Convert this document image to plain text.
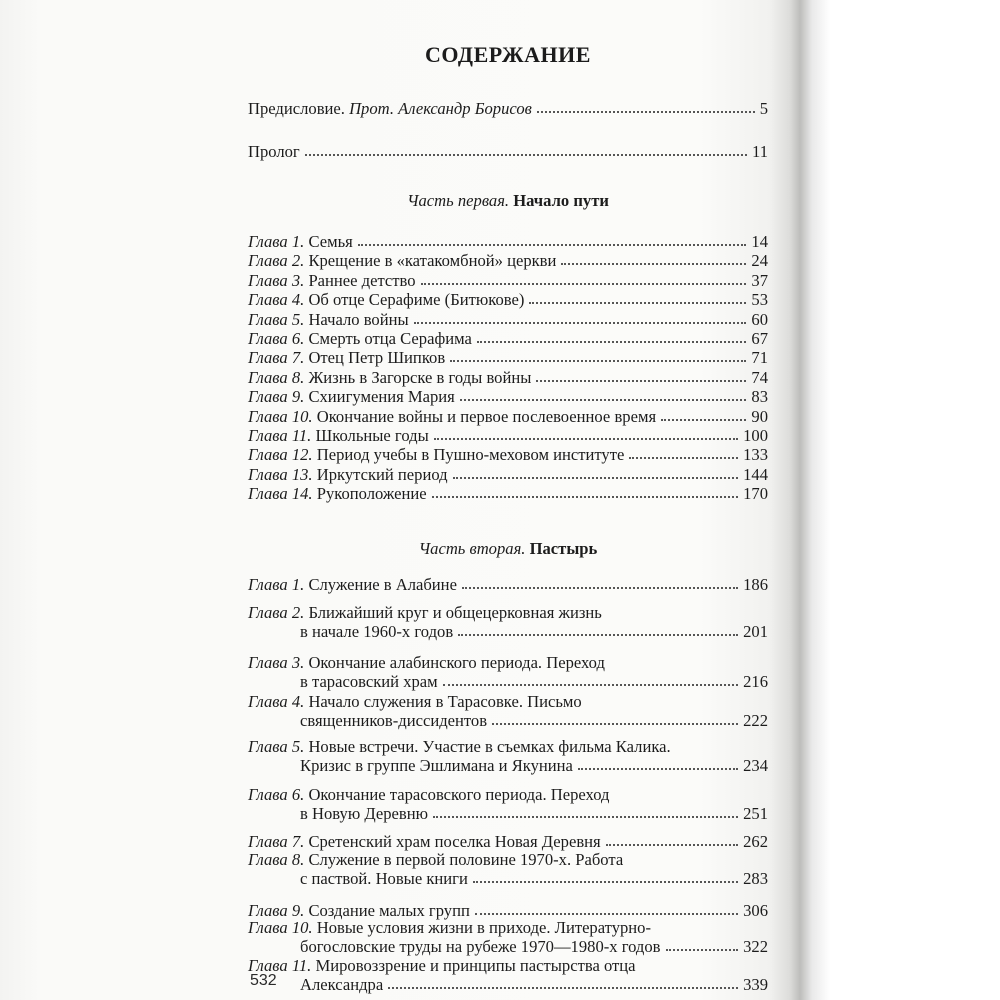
СОДЕРЖАНИЕ
Предисловие. Прот. Александр Борисов	5
Пролог	11
Часть первая. Начало пути
Глава 1. Семья	14
Глава 2. Крещение в «катакомбной» церкви	24
Глава 3. Раннее детство	37
Глава 4. Об отце Серафиме (Битюкове)	53
Глава 5. Начало войны	60
Глава 6. Смерть отца Серафима	67
Глава 7. Отец Петр Шипков	71
Глава 8. Жизнь в Загорске в годы войны	74
Глава 9. Схиигумения Мария	83
Глава 10. Окончание войны и первое послевоенное время	90
Глава 11. Школьные годы	100
Глава 12. Период учебы в Пушно-меховом институте	133
Глава 13. Иркутский период	144
Глава 14. Рукоположение	170
Часть вторая. Пастырь
Глава 1. Служение в Алабине	186
Глава 2. Ближайший круг и общецерковная жизнь
в начале 1960-х годов	201
Глава 3. Окончание алабинского периода. Переход
в тарасовский храм	216
Глава 4. Начало служения в Тарасовке. Письмо
священников-диссидентов	222
Глава 5. Новые встречи. Участие в съемках фильма Калика.
Кризис в группе Эшлимана и Якунина	234
Глава 6. Окончание тарасовского периода. Переход
в Новую Деревню	251
Глава 7. Сретенский храм поселка Новая Деревня	262
Глава 8. Служение в первой половине 1970-х. Работа
с паствой. Новые книги	283
Глава 9. Создание малых групп	306
Глава 10. Новые условия жизни в приходе. Литературно-
богословские труды на рубеже 1970—1980-х годов	322
Глава 11. Мировоззрение и принципы пастырства отца
Александра	339
532
